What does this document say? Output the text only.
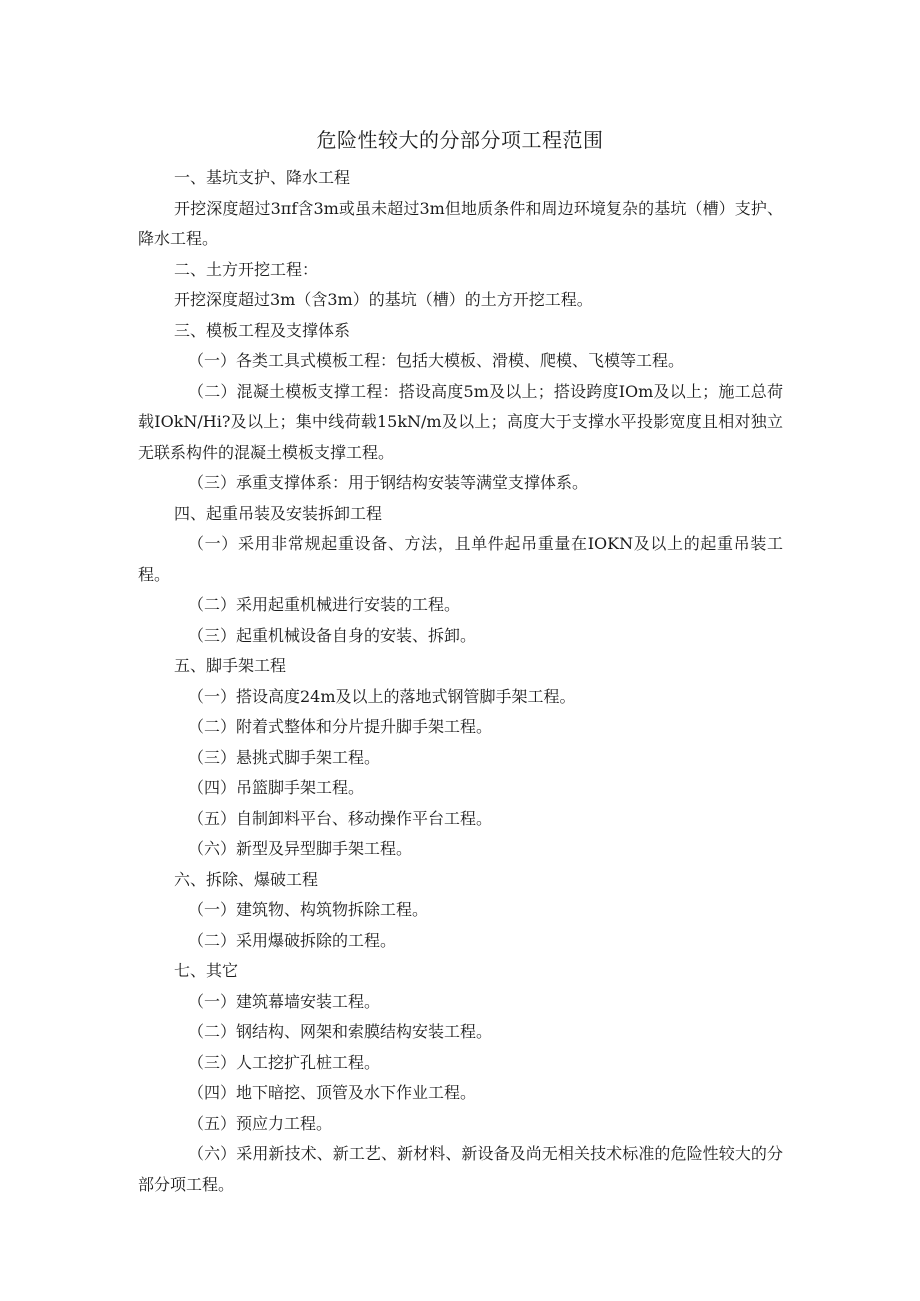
危险性较大的分部分项工程范围

一、基坑支护、降水工程

开挖深度超过3πf含3m或虽未超过3m但地质条件和周边环境复杂的基坑（槽）支护、降水工程。

二、土方开挖工程：

开挖深度超过3m（含3m）的基坑（槽）的土方开挖工程。

三、模板工程及支撑体系

（一）各类工具式模板工程：包括大模板、滑模、爬模、飞模等工程。

（二）混凝土模板支撑工程：搭设高度5m及以上；搭设跨度IOm及以上；施工总荷载IOkN/Hi?及以上；集中线荷载15kN/m及以上；高度大于支撑水平投影宽度且相对独立无联系构件的混凝土模板支撑工程。

（三）承重支撑体系：用于钢结构安装等满堂支撑体系。

四、起重吊装及安装拆卸工程

（一）采用非常规起重设备、方法，且单件起吊重量在IOKN及以上的起重吊装工程。

（二）采用起重机械进行安装的工程。

（三）起重机械设备自身的安装、拆卸。

五、脚手架工程

（一）搭设高度24m及以上的落地式钢管脚手架工程。

（二）附着式整体和分片提升脚手架工程。

（三）悬挑式脚手架工程。

（四）吊篮脚手架工程。

（五）自制卸料平台、移动操作平台工程。

（六）新型及异型脚手架工程。

六、拆除、爆破工程

（一）建筑物、构筑物拆除工程。

（二）采用爆破拆除的工程。

七、其它

（一）建筑幕墙安装工程。

（二）钢结构、网架和索膜结构安装工程。

（三）人工挖扩孔桩工程。

（四）地下暗挖、顶管及水下作业工程。

（五）预应力工程。

（六）采用新技术、新工艺、新材料、新设备及尚无相关技术标准的危险性较大的分部分项工程。
